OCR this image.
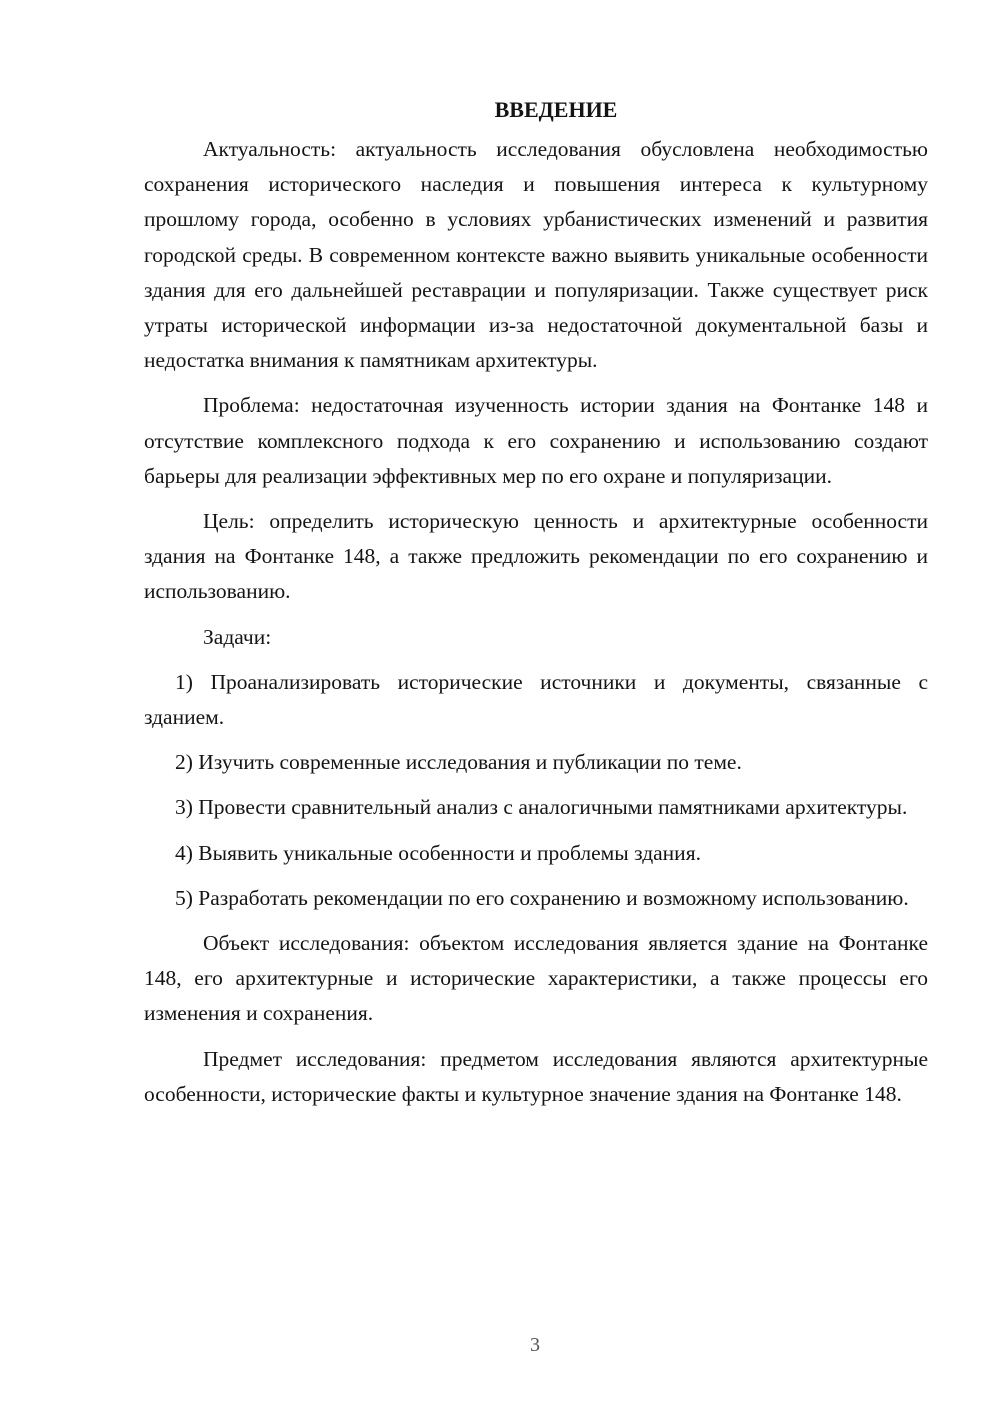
ВВЕДЕНИЕ

Актуальность: актуальность исследования обусловлена необходимостью сохранения исторического наследия и повышения интереса к культурному прошлому города, особенно в условиях урбанистических изменений и развития городской среды. В современном контексте важно выявить уникальные особенности здания для его дальнейшей реставрации и популяризации. Также существует риск утраты исторической информации из-за недостаточной документальной базы и недостатка внимания к памятникам архитектуры.

Проблема: недостаточная изученность истории здания на Фонтанке 148 и отсутствие комплексного подхода к его сохранению и использованию создают барьеры для реализации эффективных мер по его охране и популяризации.

Цель: определить историческую ценность и архитектурные особенности здания на Фонтанке 148, а также предложить рекомендации по его сохранению и использованию.

Задачи:

1) Проанализировать исторические источники и документы, связанные с зданием.

2) Изучить современные исследования и публикации по теме.

3) Провести сравнительный анализ с аналогичными памятниками архитектуры.

4) Выявить уникальные особенности и проблемы здания.

5) Разработать рекомендации по его сохранению и возможному использованию.

Объект исследования: объектом исследования является здание на Фонтанке 148, его архитектурные и исторические характеристики, а также процессы его изменения и сохранения.

Предмет исследования: предметом исследования являются архитектурные особенности, исторические факты и культурное значение здания на Фонтанке 148.

3
